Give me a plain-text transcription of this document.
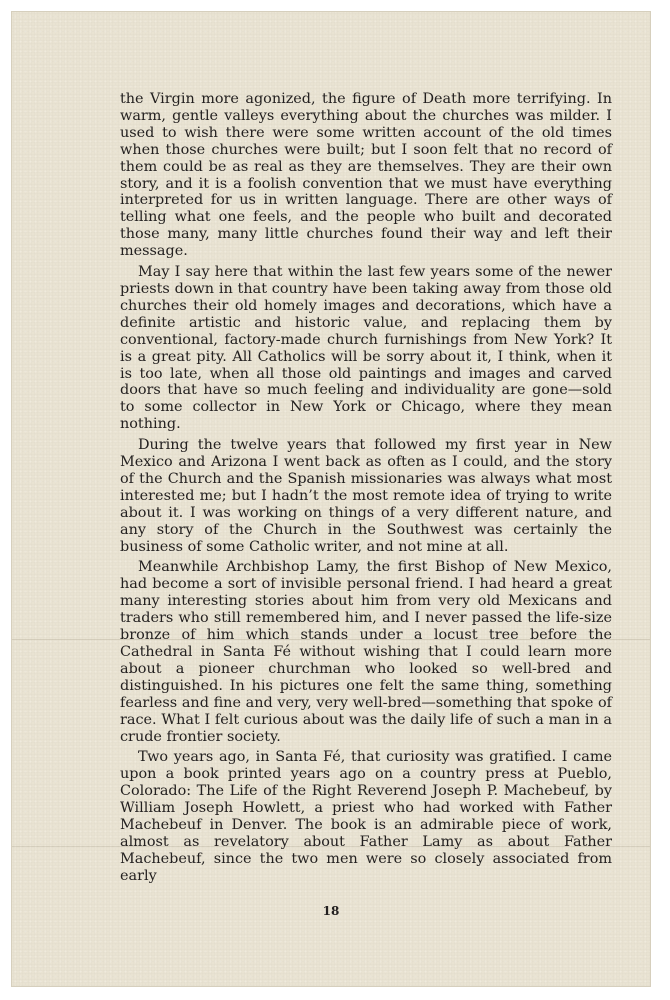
the Virgin more agonized, the figure of Death more terrifying. In warm, gentle valleys everything about the churches was milder. I used to wish there were some written account of the old times when those churches were built; but I soon felt that no record of them could be as real as they are themselves. They are their own story, and it is a foolish convention that we must have everything interpreted for us in written language. There are other ways of telling what one feels, and the people who built and decorated those many, many little churches found their way and left their message.

May I say here that within the last few years some of the newer priests down in that country have been taking away from those old churches their old homely images and decorations, which have a definite artistic and historic value, and replacing them by conventional, factory-made church furnishings from New York? It is a great pity. All Catholics will be sorry about it, I think, when it is too late, when all those old paintings and images and carved doors that have so much feeling and individuality are gone—sold to some collector in New York or Chicago, where they mean nothing.

During the twelve years that followed my first year in New Mexico and Arizona I went back as often as I could, and the story of the Church and the Spanish missionaries was always what most interested me; but I hadn’t the most remote idea of trying to write about it. I was working on things of a very different nature, and any story of the Church in the Southwest was certainly the business of some Catholic writer, and not mine at all.

Meanwhile Archbishop Lamy, the first Bishop of New Mexico, had become a sort of invisible personal friend. I had heard a great many interesting stories about him from very old Mexicans and traders who still remembered him, and I never passed the life-size bronze of him which stands under a locust tree before the Cathedral in Santa Fé without wishing that I could learn more about a pioneer churchman who looked so well-bred and distinguished. In his pictures one felt the same thing, something fearless and fine and very, very well-bred—something that spoke of race. What I felt curious about was the daily life of such a man in a crude frontier society.

Two years ago, in Santa Fé, that curiosity was gratified. I came upon a book printed years ago on a country press at Pueblo, Colorado: The Life of the Right Reverend Joseph P. Machebeuf, by William Joseph Howlett, a priest who had worked with Father Machebeuf in Denver. The book is an admirable piece of work, almost as revelatory about Father Lamy as about Father Machebeuf, since the two men were so closely associated from early

18
